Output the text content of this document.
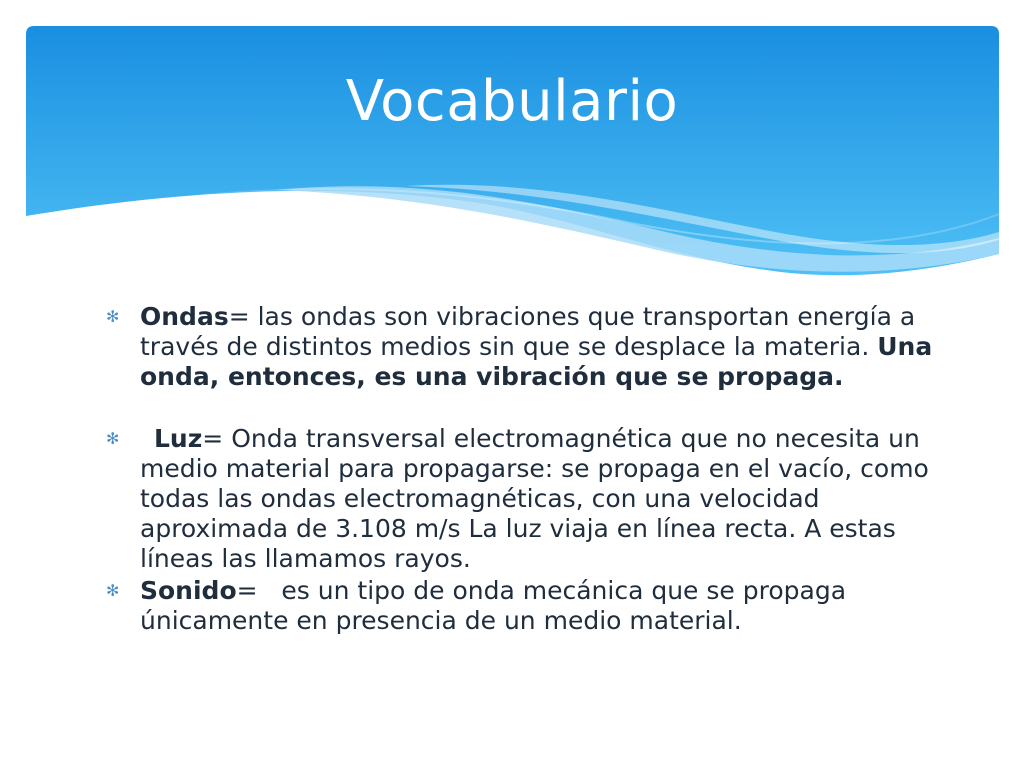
Vocabulario
✻ Ondas= las ondas son vibraciones que transportan energía a través de distintos medios sin que se desplace la materia. Una onda, entonces, es una vibración que se propaga.
✻ Luz= Onda transversal electromagnética que no necesita un medio material para propagarse: se propaga en el vacío, como todas las ondas electromagnéticas, con una velocidad aproximada de 3.108 m/s La luz viaja en línea recta. A estas líneas las llamamos rayos.
✻ Sonido=   es un tipo de onda mecánica que se propaga únicamente en presencia de un medio material.
